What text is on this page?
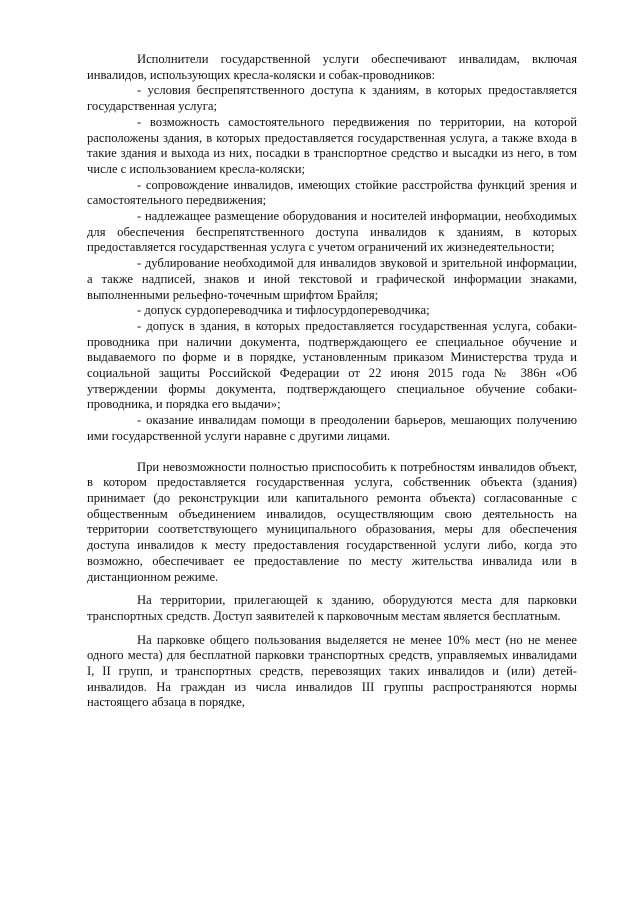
Исполнители государственной услуги обеспечивают инвалидам, включая инвалидов, использующих кресла-коляски и собак-проводников:

- условия беспрепятственного доступа к зданиям, в которых предоставляется государственная услуга;

- возможность самостоятельного передвижения по территории, на которой расположены здания, в которых предоставляется государственная услуга, а также входа в такие здания и выхода из них, посадки в транспортное средство и высадки из него, в том числе с использованием кресла-коляски;

- сопровождение инвалидов, имеющих стойкие расстройства функций зрения и самостоятельного передвижения;

- надлежащее размещение оборудования и носителей информации, необходимых для обеспечения беспрепятственного доступа инвалидов к зданиям, в которых предоставляется государственная услуга с учетом ограничений их жизнедеятельности;

- дублирование необходимой для инвалидов звуковой и зрительной информации, а также надписей, знаков и иной текстовой и графической информации знаками, выполненными рельефно-точечным шрифтом Брайля;

- допуск сурдопереводчика и тифлосурдопереводчика;

- допуск в здания, в которых предоставляется государственная услуга, собаки-проводника при наличии документа, подтверждающего ее специальное обучение и выдаваемого по форме и в порядке, установленным приказом Министерства труда и социальной защиты Российской Федерации от 22 июня 2015 года № 386н «Об утверждении формы документа, подтверждающего специальное обучение собаки-проводника, и порядка его выдачи»;

- оказание инвалидам помощи в преодолении барьеров, мешающих получению ими государственной услуги наравне с другими лицами.

При невозможности полностью приспособить к потребностям инвалидов объект, в котором предоставляется государственная услуга, собственник объекта (здания) принимает (до реконструкции или капитального ремонта объекта) согласованные с общественным объединением инвалидов, осуществляющим свою деятельность на территории соответствующего муниципального образования, меры для обеспечения доступа инвалидов к месту предоставления государственной услуги либо, когда это возможно, обеспечивает ее предоставление по месту жительства инвалида или в дистанционном режиме.

На территории, прилегающей к зданию, оборудуются места для парковки транспортных средств. Доступ заявителей к парковочным местам является бесплатным.

На парковке общего пользования выделяется не менее 10% мест (но не менее одного места) для бесплатной парковки транспортных средств, управляемых инвалидами I, II групп, и транспортных средств, перевозящих таких инвалидов и (или) детей-инвалидов. На граждан из числа инвалидов III группы распространяются нормы настоящего абзаца в порядке,
